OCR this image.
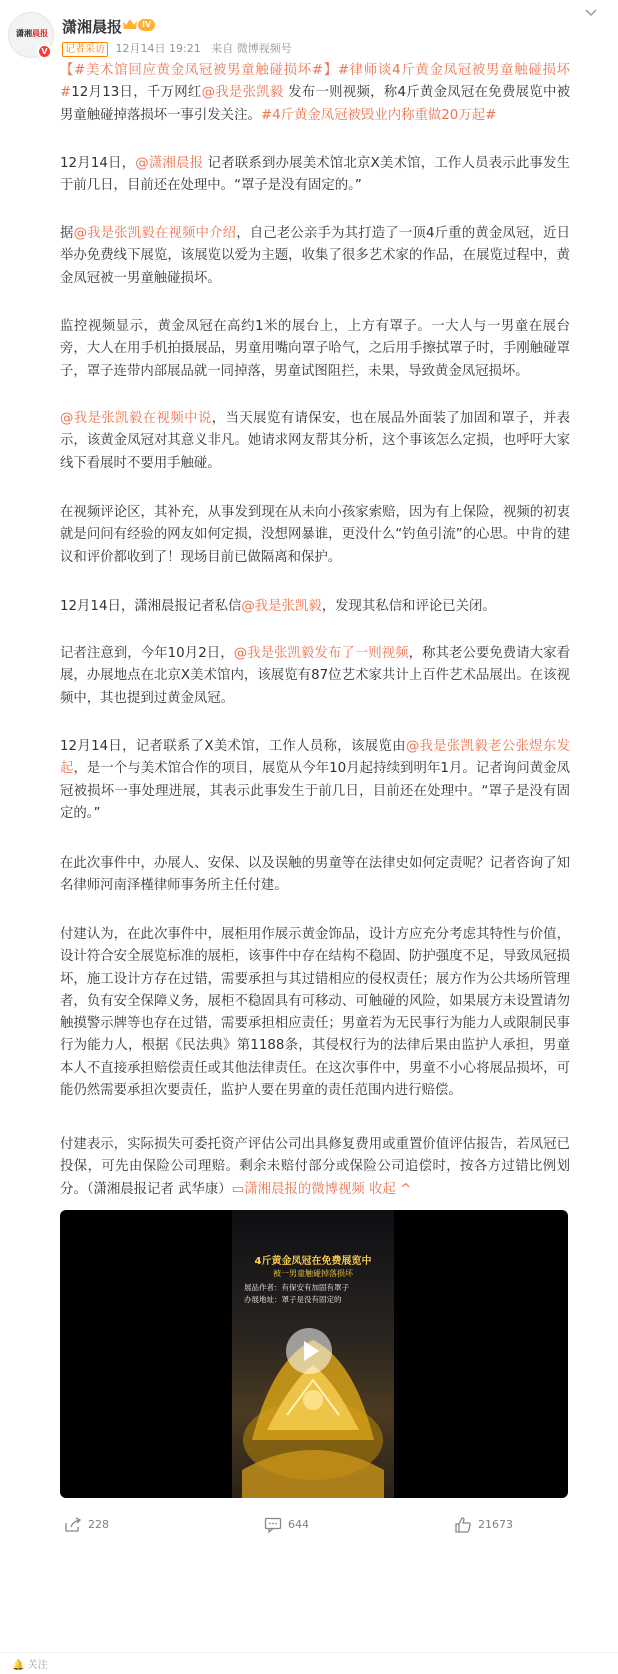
潇湘晨报
V
潇湘晨报	IV
记者采访 12月14日 19:21 来自 微博视频号

【#美术馆回应黄金凤冠被男童触碰损坏#】#律师谈4斤黄金凤冠被男童触碰损坏#12月13日，千万网红@我是张凯毅 发布一则视频，称4斤黄金凤冠在免费展览中被男童触碰掉落损坏一事引发关注。#4斤黄金凤冠被毁业内称重做20万起#

12月14日，@潇湘晨报 记者联系到办展美术馆北京X美术馆，工作人员表示此事发生于前几日，目前还在处理中。“罩子是没有固定的。”

据@我是张凯毅在视频中介绍，自己老公亲手为其打造了一顶4斤重的黄金凤冠，近日举办免费线下展览，该展览以爱为主题，收集了很多艺术家的作品，在展览过程中，黄金凤冠被一男童触碰损坏。

监控视频显示，黄金凤冠在高约1米的展台上，上方有罩子。一大人与一男童在展台旁，大人在用手机拍摄展品，男童用嘴向罩子哈气，之后用手擦拭罩子时，手刚触碰罩子，罩子连带内部展品就一同掉落，男童试图阻拦，未果，导致黄金凤冠损坏。

@我是张凯毅在视频中说，当天展览有请保安，也在展品外面装了加固和罩子，并表示，该黄金凤冠对其意义非凡。她请求网友帮其分析，这个事该怎么定损，也呼吁大家线下看展时不要用手触碰。

在视频评论区，其补充，从事发到现在从未向小孩家索赔，因为有上保险，视频的初衷就是问问有经验的网友如何定损，没想网暴谁，更没什么“钓鱼引流”的心思。中肯的建议和评价都收到了！现场目前已做隔离和保护。

12月14日，潇湘晨报记者私信@我是张凯毅，发现其私信和评论已关闭。

记者注意到，今年10月2日，@我是张凯毅发布了一则视频，称其老公要免费请大家看展，办展地点在北京X美术馆内，该展览有87位艺术家共计上百件艺术品展出。在该视频中，其也提到过黄金凤冠。

12月14日，记者联系了X美术馆，工作人员称，该展览由@我是张凯毅老公张煜东发起，是一个与美术馆合作的项目，展览从今年10月起持续到明年1月。记者询问黄金凤冠被损坏一事处理进展，其表示此事发生于前几日，目前还在处理中。“罩子是没有固定的。”

在此次事件中，办展人、安保、以及误触的男童等在法律史如何定责呢？记者咨询了知名律师河南泽槿律师事务所主任付建。

付建认为，在此次事件中，展柜用作展示黄金饰品，设计方应充分考虑其特性与价值，设计符合安全展览标准的展柜，该事件中存在结构不稳固、防护强度不足，导致凤冠损坏，施工设计方存在过错，需要承担与其过错相应的侵权责任；展方作为公共场所管理者，负有安全保障义务，展柜不稳固具有可移动、可触碰的风险，如果展方未设置请勿触摸警示牌等也存在过错，需要承担相应责任；男童若为无民事行为能力人或限制民事行为能力人，根据《民法典》第1188条，其侵权行为的法律后果由监护人承担，男童本人不直接承担赔偿责任或其他法律责任。在这次事件中，男童不小心将展品损坏，可能仍然需要承担次要责任，监护人要在男童的责任范围内进行赔偿。

付建表示，实际损失可委托资产评估公司出具修复费用或重置价值评估报告，若凤冠已投保，可先由保险公司理赔。剩余未赔付部分或保险公司追偿时，按各方过错比例划分。（潇湘晨报记者 武华康）▭潇湘晨报的微博视频 收起 ^

4斤黄金凤冠在免费展览中
被一男童触碰掉落损坏
展品作者：有保安有加固有罩子
办展地址：罩子是没有固定的
228	644	21673
🔔 关注
